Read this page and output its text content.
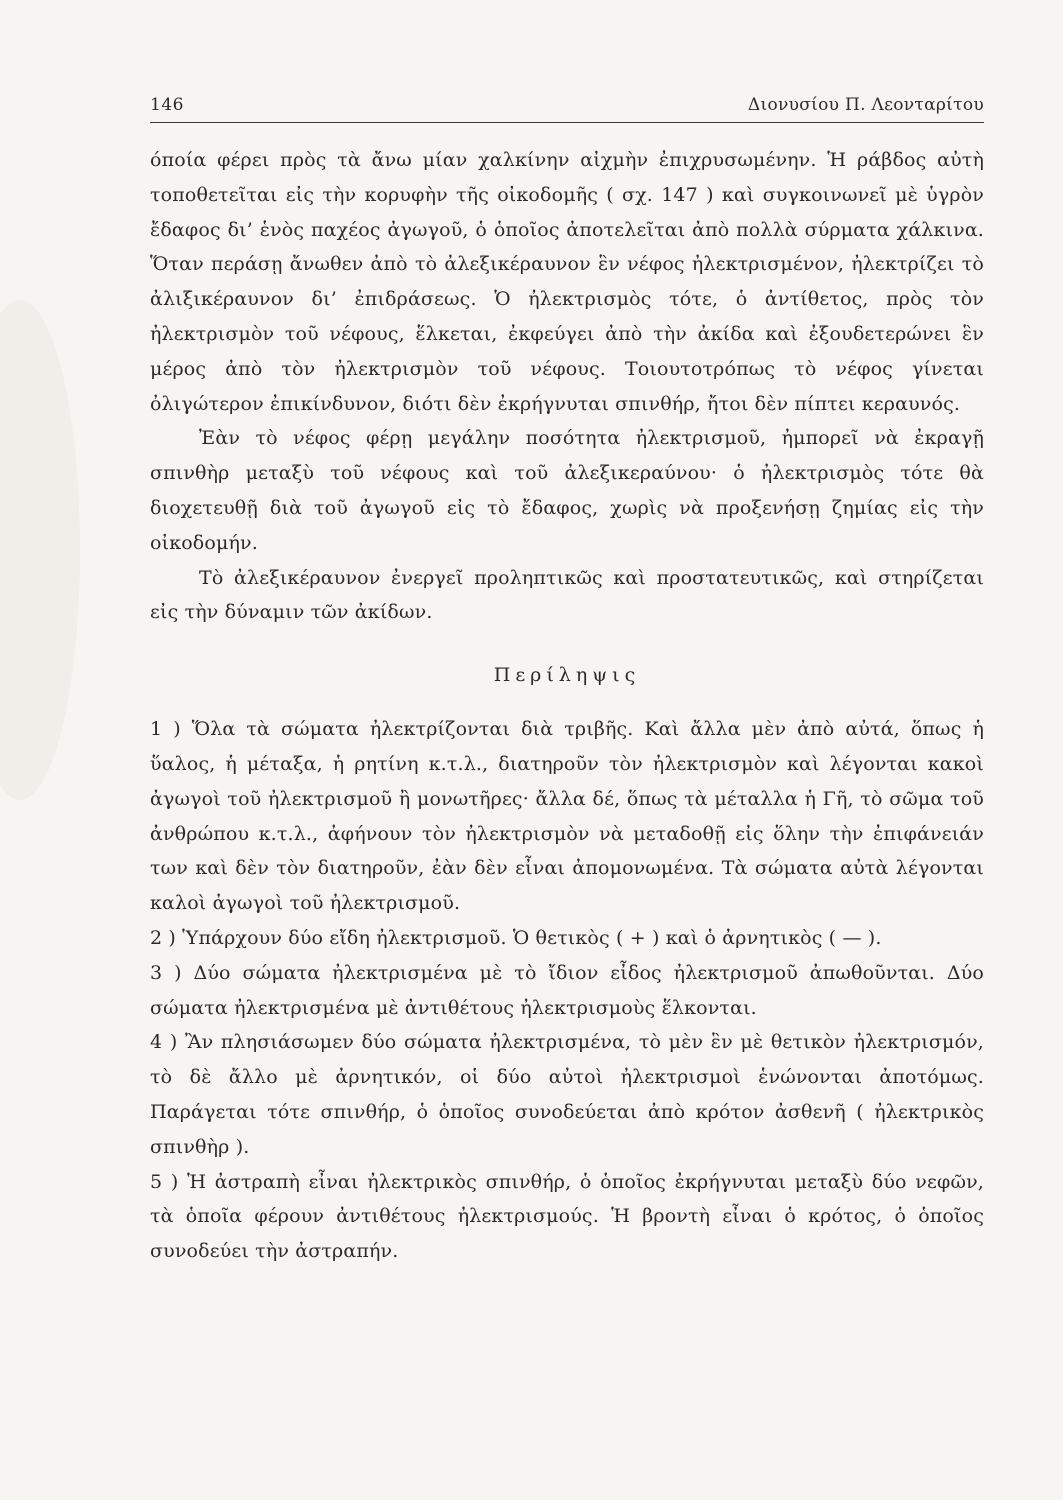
146	Διονυσίου Π. Λεονταρίτου

όποία φέρει πρὸς τὰ ἄνω μίαν χαλκίνην αἰχμὴν ἐπιχρυσωμένην. Ἡ ράβδος αὐτὴ τοποθετεῖται εἰς τὴν κορυφὴν τῆς οἰκοδομῆς ( σχ. 147 ) καὶ συγκοινωνεῖ μὲ ὑγρὸν ἔδαφος δι’ ἑνὸς παχέος ἀγωγοῦ, ὁ ὁποῖος ἀποτελεῖται ἀπὸ πολλὰ σύρματα χάλκινα. Ὅταν περάσῃ ἄνωθεν ἀπὸ τὸ ἀλεξικέραυνον ἓν νέφος ἠλεκτρισμένον, ἠλεκτρίζει τὸ ἀλιξικέραυνον δι’ ἐπιδράσεως. Ὁ ἠλεκτρισμὸς τότε, ὁ ἀντίθετος, πρὸς τὸν ἠλεκτρισμὸν τοῦ νέφους, ἕλκεται, ἐκφεύγει ἀπὸ τὴν ἀκίδα καὶ ἐξουδετερώνει ἓν μέρος ἀπὸ τὸν ἠλεκτρισμὸν τοῦ νέφους. Τοιουτοτρόπως τὸ νέφος γίνεται ὀλιγώτερον ἐπικίνδυνον, διότι δὲν ἐκρήγνυται σπινθήρ, ἤτοι δὲν πίπτει κεραυνός.

Ἐὰν τὸ νέφος φέρῃ μεγάλην ποσότητα ἠλεκτρισμοῦ, ἠμπορεῖ νὰ ἐκραγῇ σπινθὴρ μεταξὺ τοῦ νέφους καὶ τοῦ ἀλεξικεραύνου· ὁ ἠλεκτρισμὸς τότε θὰ διοχετευθῇ διὰ τοῦ ἀγωγοῦ εἰς τὸ ἔδαφος, χωρὶς νὰ προξενήσῃ ζημίας εἰς τὴν οἰκοδομήν.

Τὸ ἀλεξικέραυνον ἐνεργεῖ προληπτικῶς καὶ προστατευτικῶς, καὶ στηρίζεται εἰς τὴν δύναμιν τῶν ἀκίδων.

Περίληψις

1 ) Ὅλα τὰ σώματα ἠλεκτρίζονται διὰ τριβῆς. Καὶ ἄλλα μὲν ἀπὸ αὐτά, ὅπως ἡ ὕαλος, ἡ μέταξα, ἡ ρητίνη κ.τ.λ., διατηροῦν τὸν ἠλεκτρισμὸν καὶ λέγονται κακοὶ ἀγωγοὶ τοῦ ἠλεκτρισμοῦ ἢ μονωτῆρες· ἄλλα δέ, ὅπως τὰ μέταλλα ἡ Γῆ, τὸ σῶμα τοῦ ἀνθρώπου κ.τ.λ., ἀφήνουν τὸν ἠλεκτρισμὸν νὰ μεταδοθῇ εἰς ὅλην τὴν ἐπιφάνειάν των καὶ δὲν τὸν διατηροῦν, ἐὰν δὲν εἶναι ἀπομονωμένα. Τὰ σώματα αὐτὰ λέγονται καλοὶ ἀγωγοὶ τοῦ ἠλεκτρισμοῦ.

2 ) Ὑπάρχουν δύο εἴδη ἠλεκτρισμοῦ. Ὁ θετικὸς ( + ) καὶ ὁ ἀρνητικὸς ( — ).

3 ) Δύο σώματα ἠλεκτρισμένα μὲ τὸ ἴδιον εἶδος ἠλεκτρισμοῦ ἀπωθοῦνται. Δύο σώματα ἠλεκτρισμένα μὲ ἀντιθέτους ἠλεκτρισμοὺς ἕλκονται.

4 ) Ἂν πλησιάσωμεν δύο σώματα ἠλεκτρισμένα, τὸ μὲν ἓν μὲ θετικὸν ἠλεκτρισμόν, τὸ δὲ ἄλλο μὲ ἀρνητικόν, οἱ δύο αὐτοὶ ἠλεκτρισμοὶ ἑνώνονται ἀποτόμως. Παράγεται τότε σπινθήρ, ὁ ὁποῖος συνοδεύεται ἀπὸ κρότον ἀσθενῆ ( ἠλεκτρικὸς σπινθὴρ ).

5 ) Ἡ ἀστραπὴ εἶναι ἠλεκτρικὸς σπινθήρ, ὁ ὁποῖος ἐκρήγνυται μεταξὺ δύο νεφῶν, τὰ ὁποῖα φέρουν ἀντιθέτους ἠλεκτρισμούς. Ἡ βροντὴ εἶναι ὁ κρότος, ὁ ὁποῖος συνοδεύει τὴν ἀστραπήν.
